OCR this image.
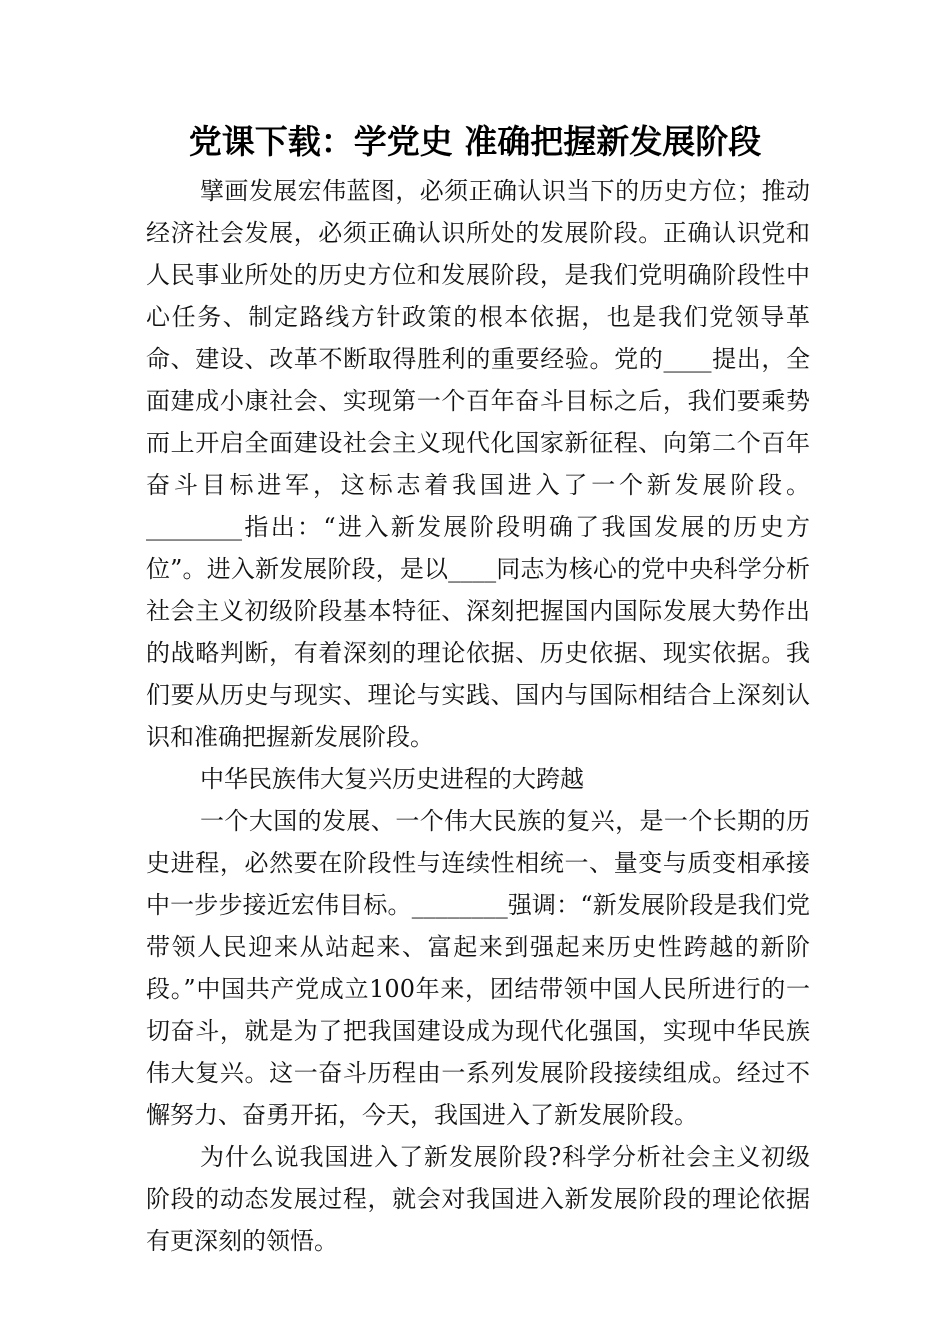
党课下载：学党史 准确把握新发展阶段

擘画发展宏伟蓝图，必须正确认识当下的历史方位；推动经济社会发展，必须正确认识所处的发展阶段。正确认识党和人民事业所处的历史方位和发展阶段，是我们党明确阶段性中心任务、制定路线方针政策的根本依据，也是我们党领导革命、建设、改革不断取得胜利的重要经验。党的____提出，全面建成小康社会、实现第一个百年奋斗目标之后，我们要乘势而上开启全面建设社会主义现代化国家新征程、向第二个百年奋斗目标进军，这标志着我国进入了一个新发展阶段。________指出：“进入新发展阶段明确了我国发展的历史方位”。进入新发展阶段，是以____同志为核心的党中央科学分析社会主义初级阶段基本特征、深刻把握国内国际发展大势作出的战略判断，有着深刻的理论依据、历史依据、现实依据。我们要从历史与现实、理论与实践、国内与国际相结合上深刻认识和准确把握新发展阶段。

中华民族伟大复兴历史进程的大跨越

一个大国的发展、一个伟大民族的复兴，是一个长期的历史进程，必然要在阶段性与连续性相统一、量变与质变相承接中一步步接近宏伟目标。________强调：“新发展阶段是我们党带领人民迎来从站起来、富起来到强起来历史性跨越的新阶段。”中国共产党成立100年来，团结带领中国人民所进行的一切奋斗，就是为了把我国建设成为现代化强国，实现中华民族伟大复兴。这一奋斗历程由一系列发展阶段接续组成。经过不懈努力、奋勇开拓，今天，我国进入了新发展阶段。

为什么说我国进入了新发展阶段?科学分析社会主义初级阶段的动态发展过程，就会对我国进入新发展阶段的理论依据有更深刻的领悟。
